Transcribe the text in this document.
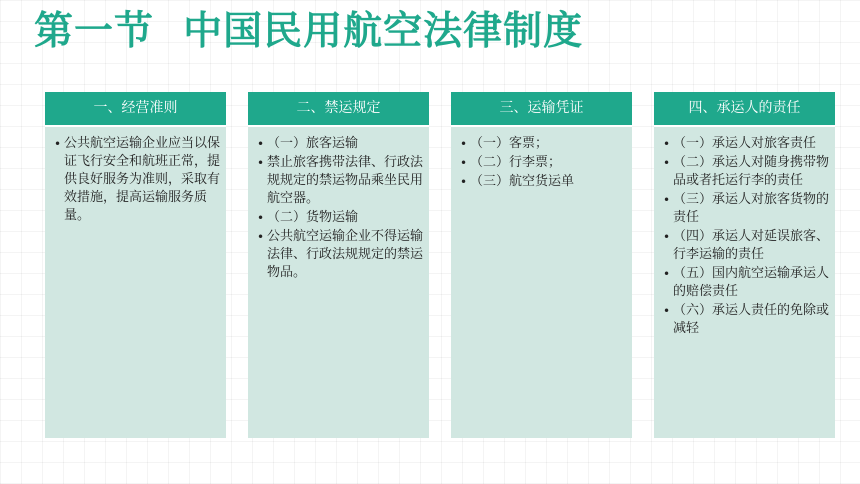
第一节  中国民用航空法律制度
一、经营准则
• 公共航空运输企业应当以保证飞行安全和航班正常，提供良好服务为准则，采取有效措施，提高运输服务质量。
二、禁运规定
• （一）旅客运输
• 禁止旅客携带法律、行政法规规定的禁运物品乘坐民用航空器。
• （二）货物运输
• 公共航空运输企业不得运输法律、行政法规规定的禁运物品。
三、运输凭证
• （一）客票；
• （二）行李票；
• （三）航空货运单
四、承运人的责任
• （一）承运人对旅客责任
• （二）承运人对随身携带物品或者托运行李的责任
• （三）承运人对旅客货物的责任
• （四）承运人对延误旅客、行李运输的责任
• （五）国内航空运输承运人的赔偿责任
• （六）承运人责任的免除或减轻
